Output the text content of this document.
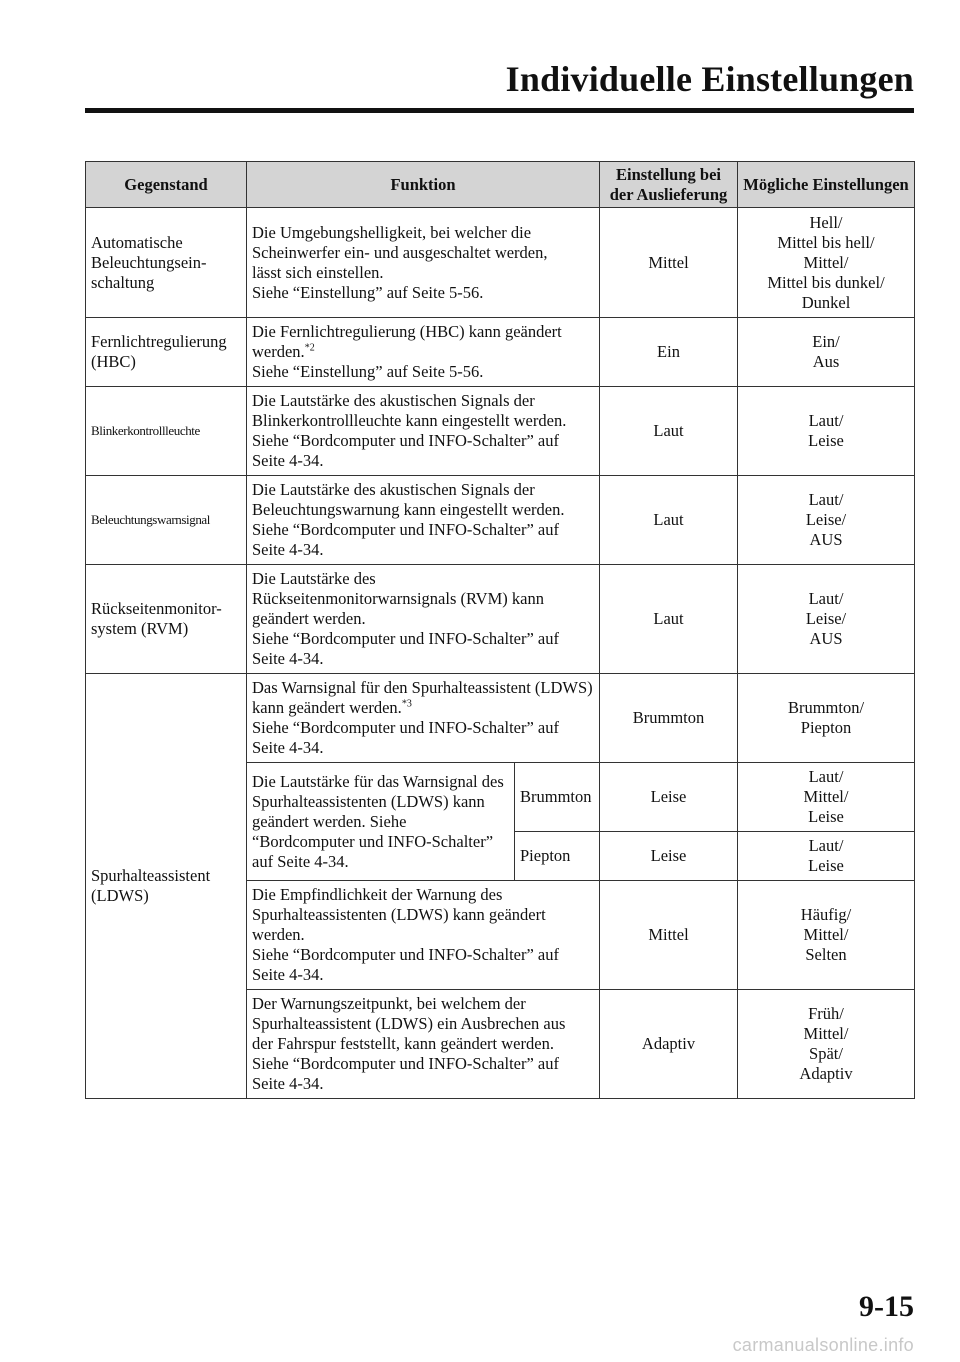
Individuelle Einstellungen
Gegenstand	Funktion		Einstellung bei der Auslieferung	Mögliche Einstellungen
Automatische Beleuchtungsein-schaltung	Die Umgebungshelligkeit, bei welcher die
Scheinwerfer ein- und ausgeschaltet werden,
lässt sich einstellen.
Siehe “Einstellung” auf Seite 5-56.		Mittel	Hell/
Mittel bis hell/
Mittel/
Mittel bis dunkel/
Dunkel

Fernlichtregulierung (HBC)	Die Fernlichtregulierung (HBC) kann geändert werden.$^{*2}$
Siehe “Einstellung” auf Seite 5-56.		Ein	Ein/
Aus

Blinkerkontrollleuchte	Die Lautstärke des akustischen Signals der
Blinkerkontrollleuchte kann eingestellt werden.
Siehe “Bordcomputer und INFO-Schalter” auf
Seite 4-34.		Laut	Laut/
Leise

Beleuchtungswarnsignal	Die Lautstärke des akustischen Signals der
Beleuchtungswarnung kann eingestellt werden.
Siehe “Bordcomputer und INFO-Schalter” auf
Seite 4-34.		Laut	Laut/
Leise/
AUS

Rückseitenmonitor-system (RVM)	Die Lautstärke des
Rückseitenmonitorwarnsignals (RVM) kann
geändert werden.
Siehe “Bordcomputer und INFO-Schalter” auf
Seite 4-34.		Laut	Laut/
Leise/
AUS

Spurhalteassistent (LDWS)	Das Warnsignal für den Spurhalteassistent (LDWS) kann geändert werden.$^{*3}$
Siehe “Bordcomputer und INFO-Schalter” auf Seite 4-34.		Brummton	Brummton/
Piepton

	Die Lautstärke für das Warnsignal des Spurhalteassistenten (LDWS) kann geändert werden. Siehe “Bordcomputer und INFO-Schalter” auf Seite 4-34.	Brummton	Leise	Laut/
Mittel/
Leise

		Piepton	Leise	Laut/
Leise

	Die Empfindlichkeit der Warnung des
Spurhalteassistenten (LDWS) kann geändert
werden.
Siehe “Bordcomputer und INFO-Schalter” auf
Seite 4-34.		Mittel	Häufig/
Mittel/
Selten

	Der Warnungszeitpunkt, bei welchem der
Spurhalteassistent (LDWS) ein Ausbrechen aus
der Fahrspur feststellt, kann geändert werden.
Siehe “Bordcomputer und INFO-Schalter” auf
Seite 4-34.		Adaptiv	Früh/
Mittel/
Spät/
Adaptiv
9-15
carmanualsonline.info
